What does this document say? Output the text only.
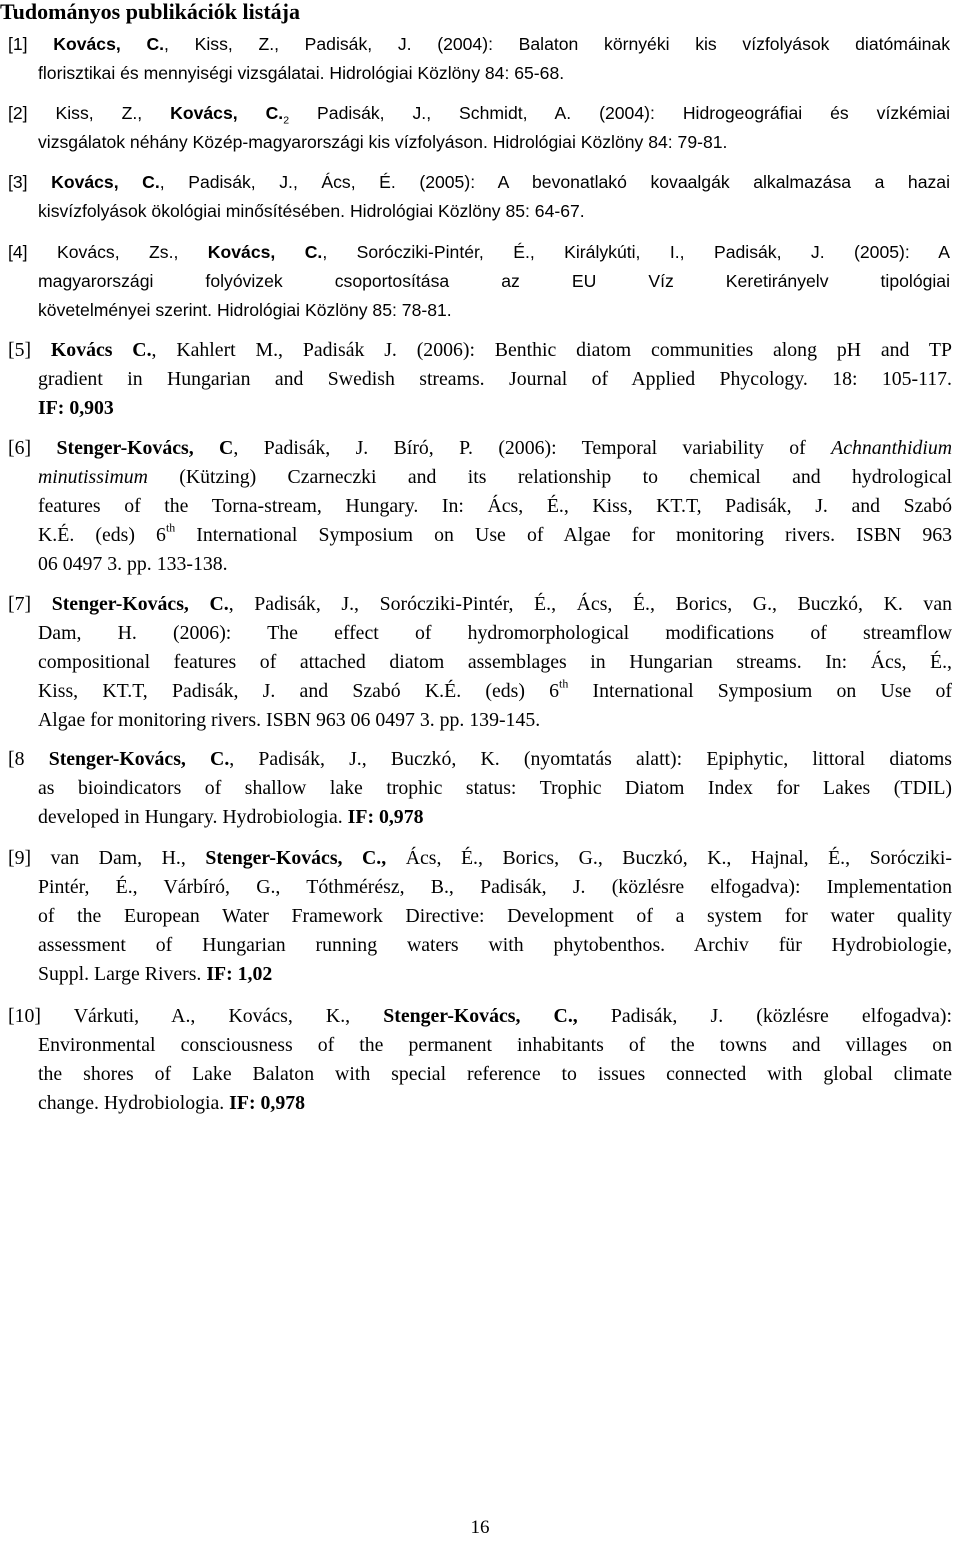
Tudományos publikációk listája
[1] Kovács, C., Kiss, Z., Padisák, J. (2004): Balaton környéki kis vízfolyások diatómáinak
florisztikai és mennyiségi vizsgálatai. Hidrológiai Közlöny 84: 65-68.
[2] Kiss, Z., Kovács, $C._2$ Padisák, J., Schmidt, A. (2004): Hidrogeográfiai és vízkémiai
vizsgálatok néhány Közép-magyarországi kis vízfolyáson. Hidrológiai Közlöny 84: 79-81.
[3] Kovács, C., Padisák, J., Ács, É. (2005): A bevonatlakó kovaalgák alkalmazása a hazai
kisvízfolyások ökológiai minősítésében. Hidrológiai Közlöny 85: 64-67.
[4] Kovács, Zs., Kovács, C., Sorócziki-Pintér, É., Királykúti, I., Padisák, J. (2005): A
magyarországi folyóvizek csoportosítása az EU Víz Keretirányelv tipológiai
követelményei szerint. Hidrológiai Közlöny 85: 78-81.
[5] Kovács C., Kahlert M., Padisák J. (2006): Benthic diatom communities along pH and TP
gradient in Hungarian and Swedish streams. Journal of Applied Phycology. 18: 105-117.
IF: 0,903
[6] Stenger-Kovács, C, Padisák, J. Bíró, P. (2006): Temporal variability of Achnanthidium
minutissimum (Kützing) Czarneczki and its relationship to chemical and hydrological
features of the Torna-stream, Hungary. In: Ács, É., Kiss, KT.T, Padisák, J. and Szabó
K.É. (eds) 6th International Symposium on Use of Algae for monitoring rivers. ISBN 963
06 0497 3. pp. 133-138.
[7] Stenger-Kovács, C., Padisák, J., Sorócziki-Pintér, É., Ács, É., Borics, G., Buczkó, K. van
Dam, H. (2006): The effect of hydromorphological modifications of streamflow
compositional features of attached diatom assemblages in Hungarian streams. In: Ács, É.,
Kiss, KT.T, Padisák, J. and Szabó K.É. (eds) 6th International Symposium on Use of
Algae for monitoring rivers. ISBN 963 06 0497 3. pp. 139-145.
[8 Stenger-Kovács, C., Padisák, J., Buczkó, K. (nyomtatás alatt): Epiphytic, littoral diatoms
as bioindicators of shallow lake trophic status: Trophic Diatom Index for Lakes (TDIL)
developed in Hungary. Hydrobiologia. IF: 0,978
[9] van Dam, H., Stenger-Kovács, C., Ács, É., Borics, G., Buczkó, K., Hajnal, É., Sorócziki-
Pintér, É., Várbíró, G., Tóthmérész, B., Padisák, J. (közlésre elfogadva): Implementation
of the European Water Framework Directive: Development of a system for water quality
assessment of Hungarian running waters with phytobenthos. Archiv für Hydrobiologie,
Suppl. Large Rivers. IF: 1,02
[10] Várkuti, A., Kovács, K., Stenger-Kovács, C., Padisák, J. (közlésre elfogadva):
Environmental consciousness of the permanent inhabitants of the towns and villages on
the shores of Lake Balaton with special reference to issues connected with global climate
change. Hydrobiologia. IF: 0,978
16
